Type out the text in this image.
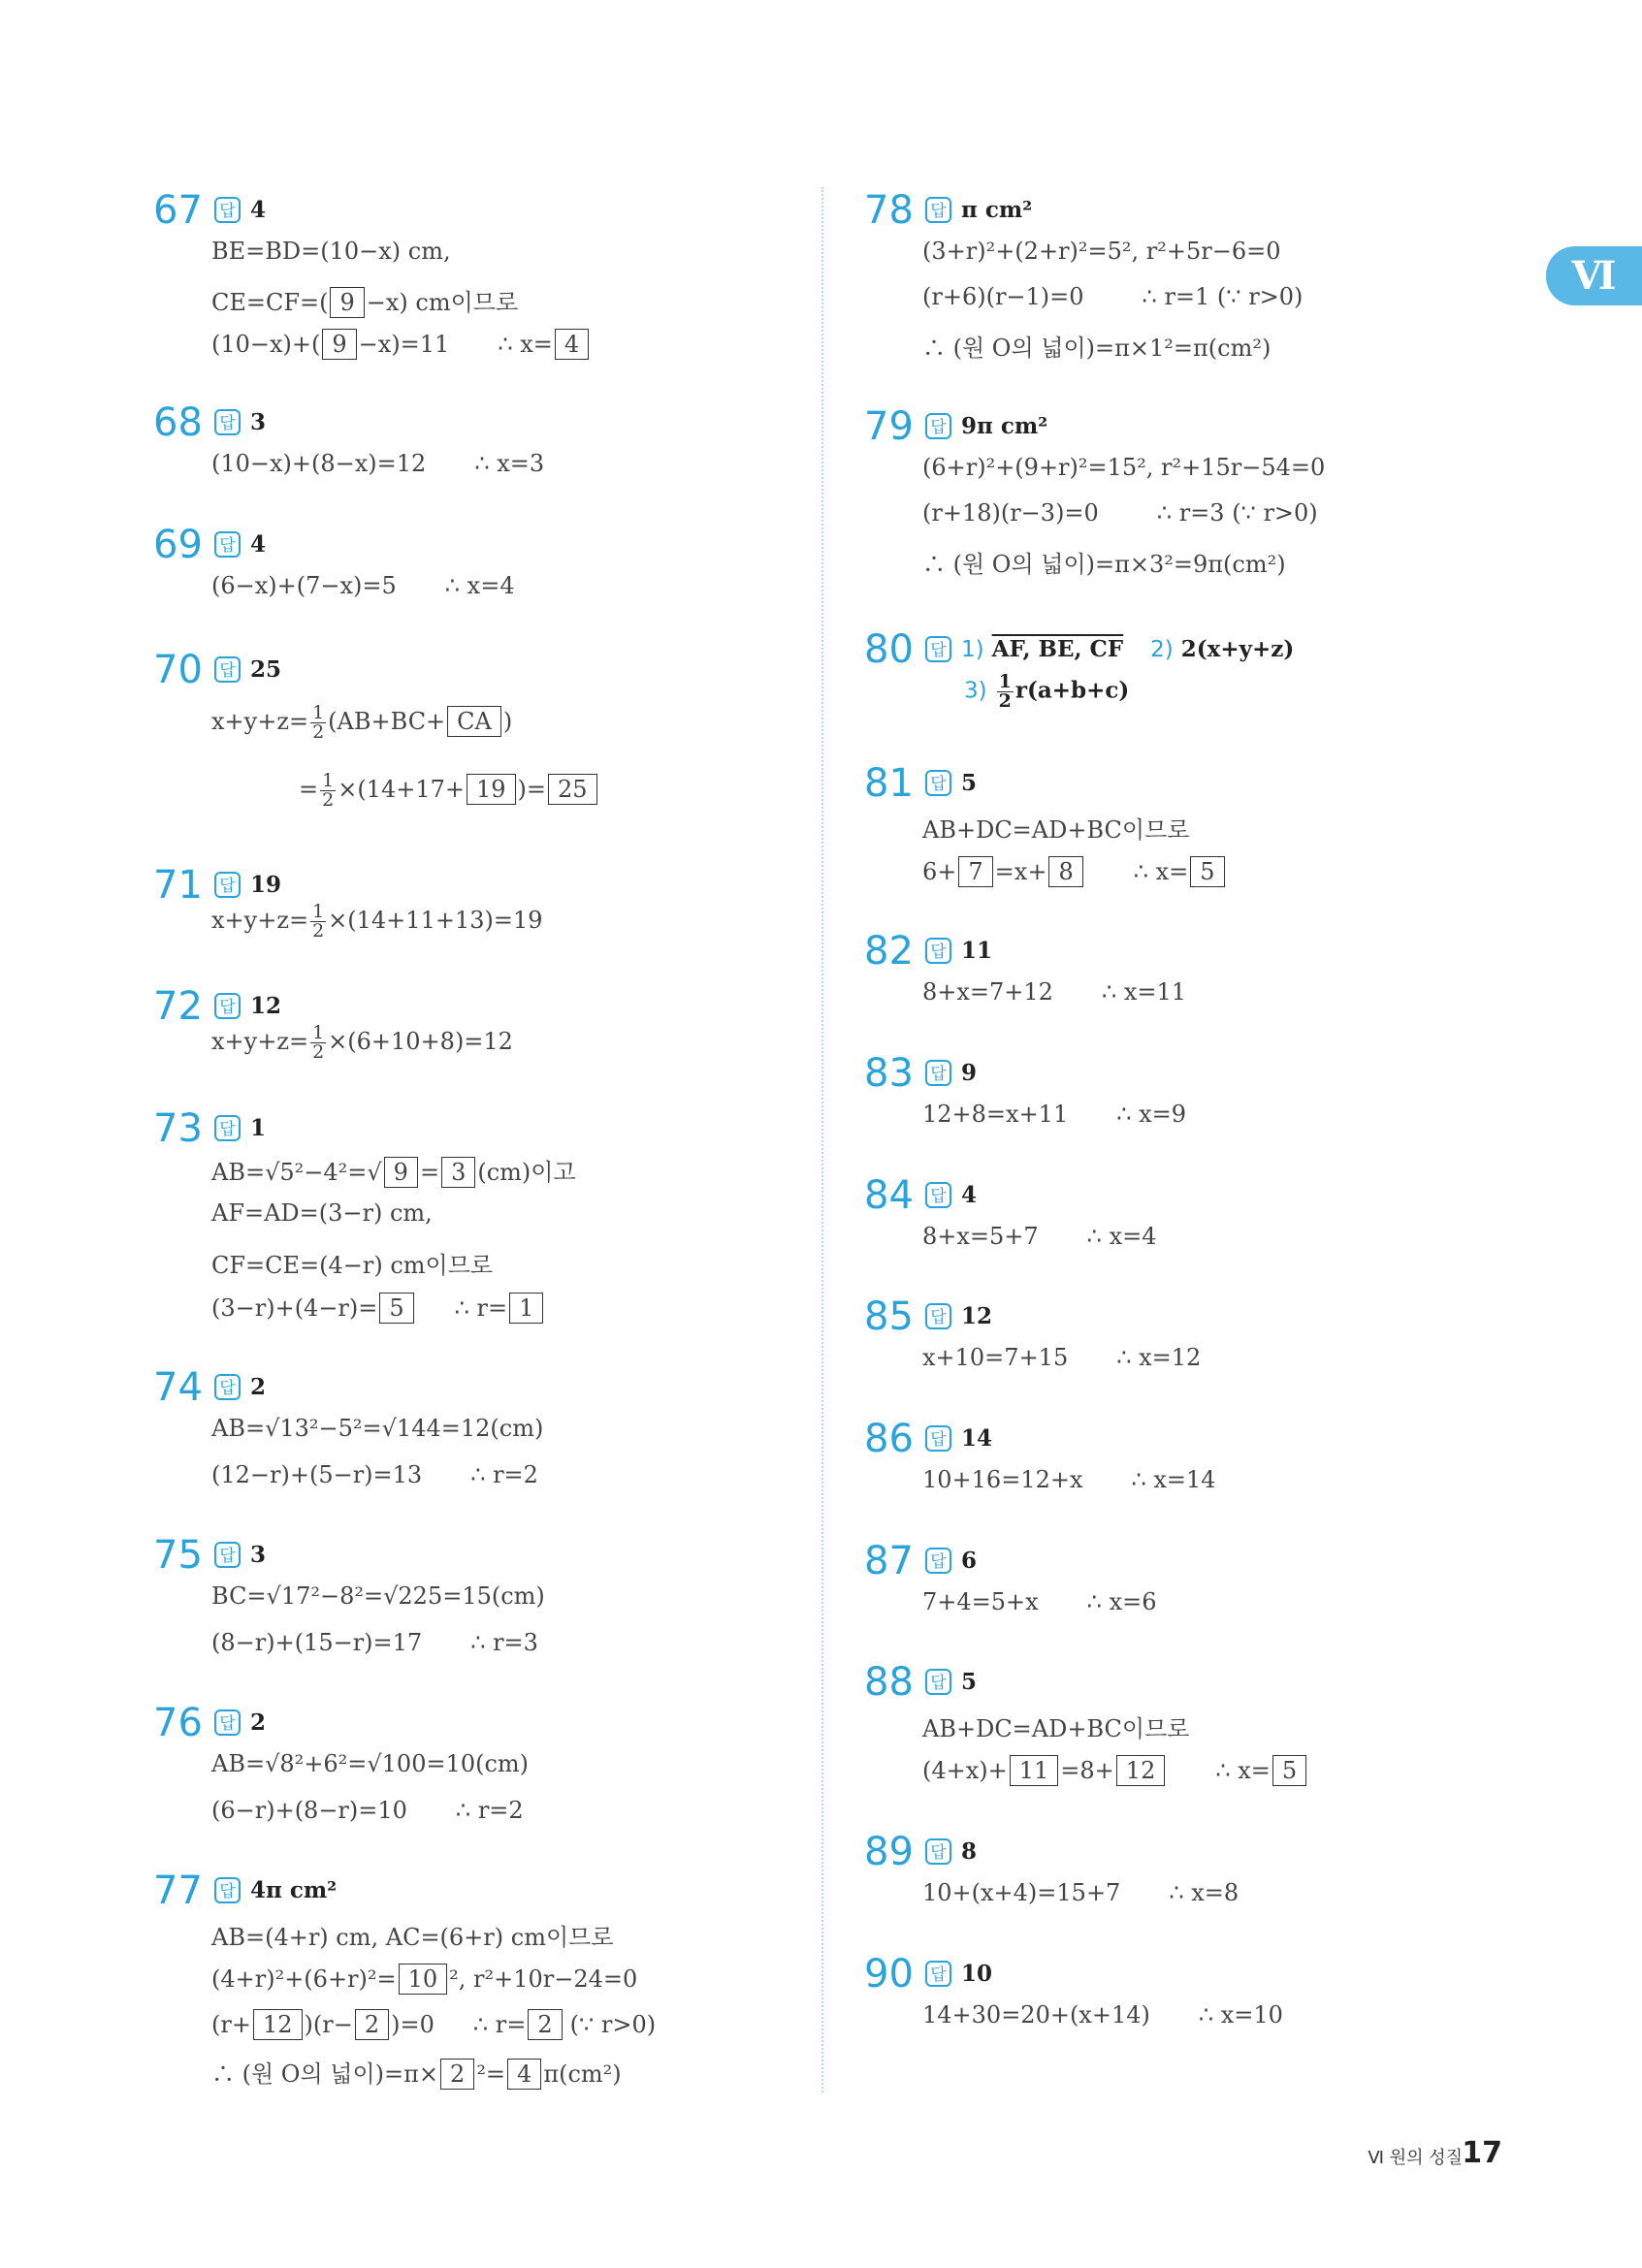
Ⅵ
67	답 4
BE=BD=(10−x) cm,
CE=CF=( 9 −x) cm이므로
(10−x)+( 9 −x)=11 ∴ x= 4
68	답 3
(10−x)+(8−x)=12 ∴ x=3
69	답 4
(6−x)+(7−x)=5 ∴ x=4
70	답 25
$x+y+z= \frac{1}{2} (AB+BC+$ CA )
= $\frac{1}{2} \times(14+17+ 19$ )= 25
71	답 19
$x+y+z= \frac{1}{2} \times(14+11+13)=19$
72	답 12
$x+y+z= \frac{1}{2} \times(6+10+8)=12$
73	답 1
AB=√5²−4²=√ 9 = 3 (cm)이고
AF=AD=(3−r) cm,
CF=CE=(4−r) cm이므로
(3−r)+(4−r)= 5 ∴ r= 1
74	답 2
AB=√13²−5²=√144=12(cm)
(12−r)+(5−r)=13 ∴ r=2
75	답 3
BC=√17²−8²=√225=15(cm)
(8−r)+(15−r)=17 ∴ r=3
76	답 2
AB=√8²+6²=√100=10(cm)
(6−r)+(8−r)=10 ∴ r=2
77	답 4π cm²
AB=(4+r) cm, AC=(6+r) cm이므로
(4+r)²+(6+r)²= 10 ², r²+10r−24=0
(r+ 12 )(r− 2 )=0 ∴ r= 2 (∵ r>0)
∴ (원 O의 넓이)=π× 2 ²= 4 π(cm²)
78	답 π cm²
(3+r)²+(2+r)²=5², r²+5r−6=0
(r+6)(r−1)=0	∴ r=1 (∵ r>0)
∴ (원 O의 넓이)=π×1²=π(cm²)
79	답 9π cm²
(6+r)²+(9+r)²=15², r²+15r−54=0
(r+18)(r−3)=0	∴ r=3 (∵ r>0)
∴ (원 O의 넓이)=π×3²=9π(cm²)
80	답 1) AF, BE, CF 2) 2(x+y+z)
$3) \frac{1}{2} r(a+b+c)$
81	답 5
AB+DC=AD+BC이므로
6+ 7 =x+ 8	∴ x= 5
82	답 11
8+x=7+12 ∴ x=11
83	답 9
12+8=x+11 ∴ x=9
84	답 4
8+x=5+7 ∴ x=4
85	답 12
x+10=7+15 ∴ x=12
86	답 14
10+16=12+x ∴ x=14
87	답 6
7+4=5+x ∴ x=6
88	답 5
AB+DC=AD+BC이므로
(4+x)+ 11 =8+ 12	∴ x= 5
89	답 8
10+(x+4)=15+7 ∴ x=8
90	답 10
14+30=20+(x+14) ∴ x=10
Ⅵ 원의 성질 17
